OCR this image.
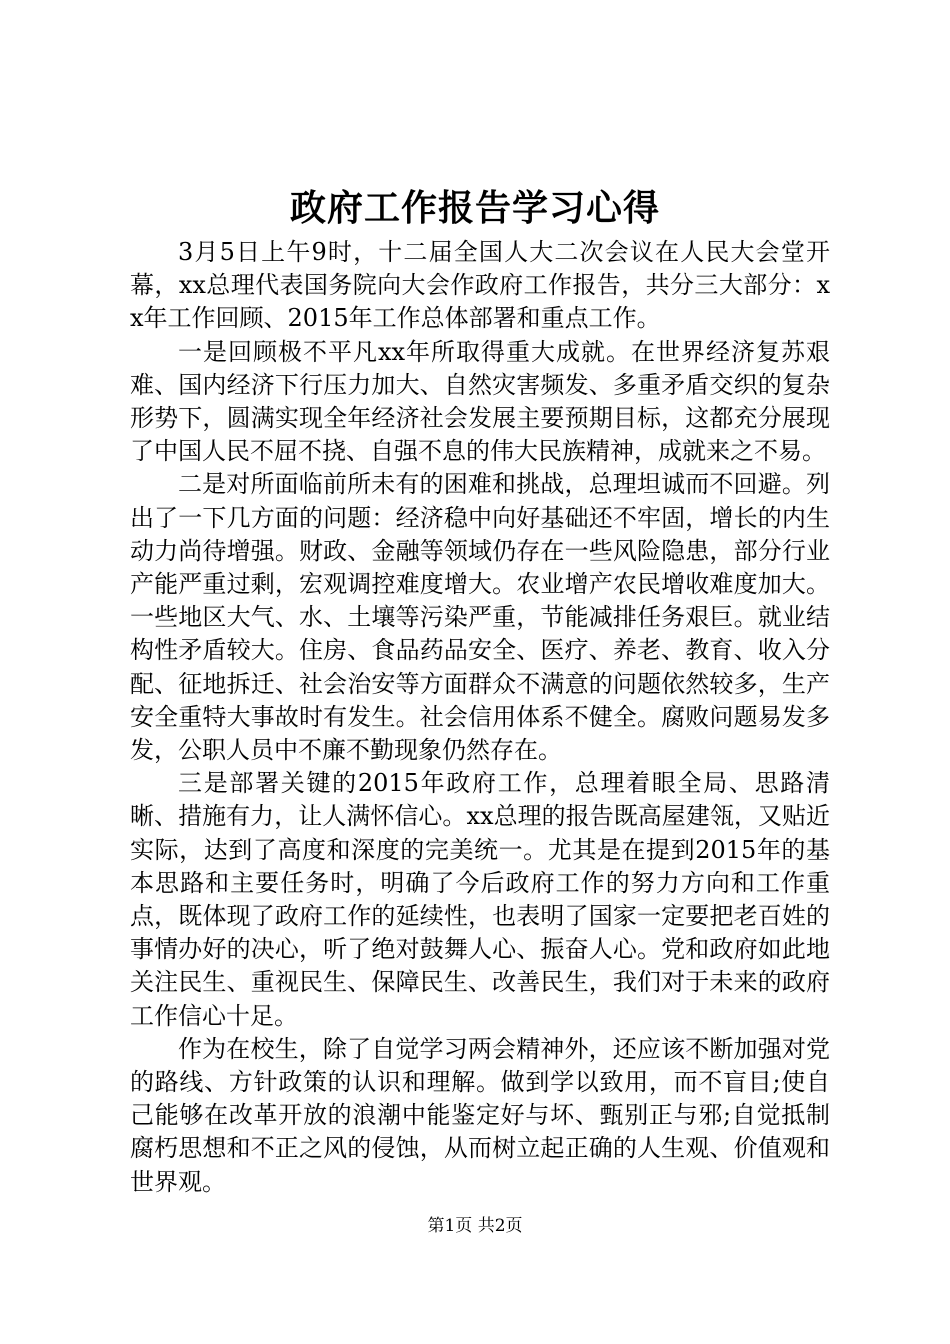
政府工作报告学习心得

3月5日上午9时，十二届全国人大二次会议在人民大会堂开幕，xx总理代表国务院向大会作政府工作报告，共分三大部分：xx年工作回顾、2015年工作总体部署和重点工作。

一是回顾极不平凡xx年所取得重大成就。在世界经济复苏艰难、国内经济下行压力加大、自然灾害频发、多重矛盾交织的复杂形势下，圆满实现全年经济社会发展主要预期目标，这都充分展现了中国人民不屈不挠、自强不息的伟大民族精神，成就来之不易。

二是对所面临前所未有的困难和挑战，总理坦诚而不回避。列出了一下几方面的问题：经济稳中向好基础还不牢固，增长的内生动力尚待增强。财政、金融等领域仍存在一些风险隐患，部分行业产能严重过剩，宏观调控难度增大。农业增产农民增收难度加大。一些地区大气、水、土壤等污染严重，节能减排任务艰巨。就业结构性矛盾较大。住房、食品药品安全、医疗、养老、教育、收入分配、征地拆迁、社会治安等方面群众不满意的问题依然较多，生产安全重特大事故时有发生。社会信用体系不健全。腐败问题易发多发，公职人员中不廉不勤现象仍然存在。

三是部署关键的2015年政府工作，总理着眼全局、思路清晰、措施有力，让人满怀信心。xx总理的报告既高屋建瓴，又贴近实际，达到了高度和深度的完美统一。尤其是在提到2015年的基本思路和主要任务时，明确了今后政府工作的努力方向和工作重点，既体现了政府工作的延续性，也表明了国家一定要把老百姓的事情办好的决心，听了绝对鼓舞人心、振奋人心。党和政府如此地关注民生、重视民生、保障民生、改善民生，我们对于未来的政府工作信心十足。

作为在校生，除了自觉学习两会精神外，还应该不断加强对党的路线、方针政策的认识和理解。做到学以致用，而不盲目;使自己能够在改革开放的浪潮中能鉴定好与坏、甄别正与邪;自觉抵制腐朽思想和不正之风的侵蚀，从而树立起正确的人生观、价值观和世界观。

第1页 共2页
